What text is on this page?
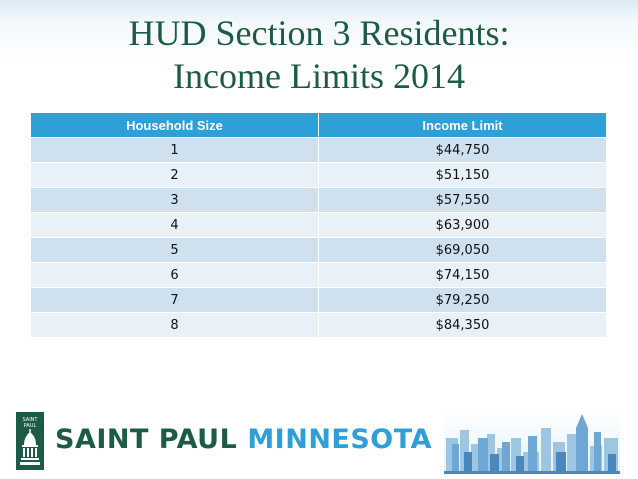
HUD Section 3 Residents:
Income Limits 2014
Household Size	Income Limit
1	$44,750
2	$51,150
3	$57,550
4	$63,900
5	$69,050
6	$74,150
7	$79,250
8	$84,350
SAINT
PAUL SAINT PAUL MINNESOTA
